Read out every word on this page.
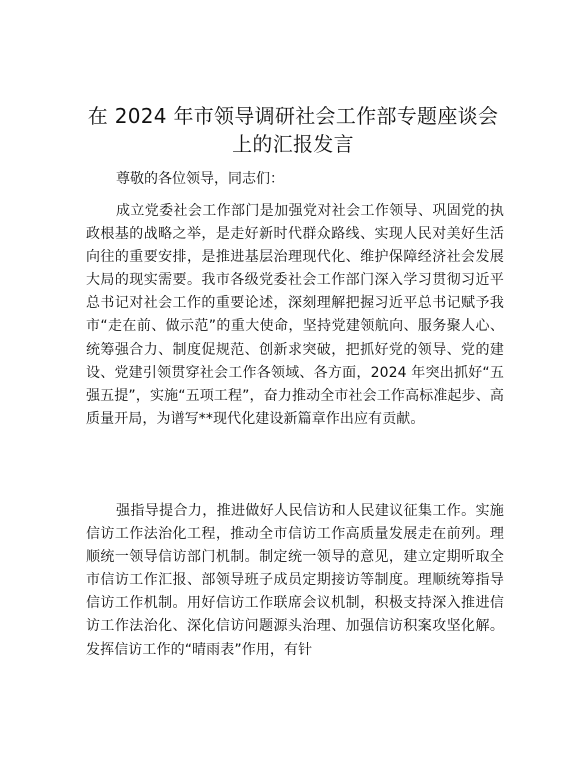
在 2024 年市领导调研社会工作部专题座谈会上的汇报发言

尊敬的各位领导，同志们：

成立党委社会工作部门是加强党对社会工作领导、巩固党的执政根基的战略之举，是走好新时代群众路线、实现人民对美好生活向往的重要安排，是推进基层治理现代化、维护保障经济社会发展大局的现实需要。我市各级党委社会工作部门深入学习贯彻习近平总书记对社会工作的重要论述，深刻理解把握习近平总书记赋予我市“走在前、做示范”的重大使命，坚持党建领航向、服务聚人心、统筹强合力、制度促规范、创新求突破，把抓好党的领导、党的建设、党建引领贯穿社会工作各领域、各方面，2024 年突出抓好“五强五提”，实施“五项工程”，奋力推动全市社会工作高标准起步、高质量开局，为谱写**现代化建设新篇章作出应有贡献。

强指导提合力，推进做好人民信访和人民建议征集工作。实施信访工作法治化工程，推动全市信访工作高质量发展走在前列。理顺统一领导信访部门机制。制定统一领导的意见，建立定期听取全市信访工作汇报、部领导班子成员定期接访等制度。理顺统筹指导信访工作机制。用好信访工作联席会议机制，积极支持深入推进信访工作法治化、深化信访问题源头治理、加强信访积案攻坚化解。发挥信访工作的“晴雨表”作用，有针
